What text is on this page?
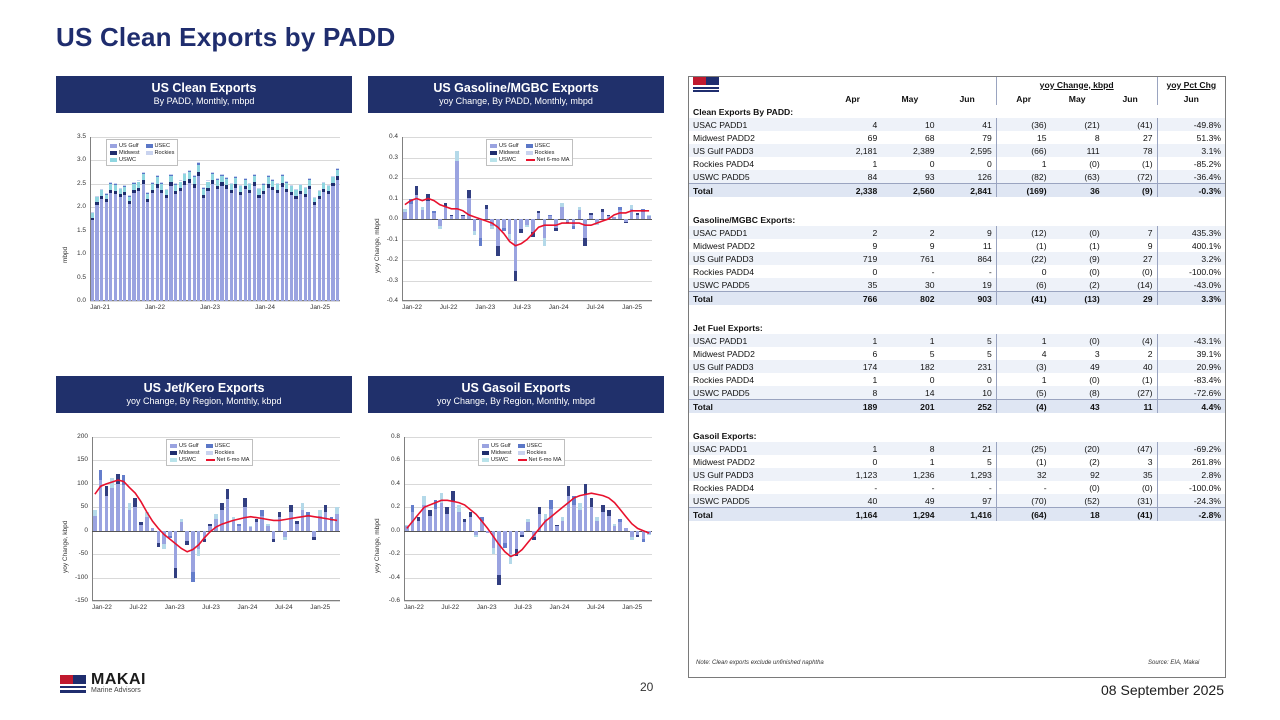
US Clean Exports by PADD
US Clean Exports
By PADD, Monthly, mbpd
mbpd
0.0
0.5
1.0
1.5
2.0
2.5
3.0
3.5
Jan-21	Jan-22	Jan-23	Jan-24	Jan-25
US Gulf	USEC
Midwest	Rockies
USWC
US Gasoline/MGBC Exports
yoy Change, By PADD, Monthly, mbpd
yoy Change, mbpd
-0.4
-0.3
-0.2
-0.1
0.0
0.1
0.2
0.3
0.4
Jan-22	Jul-22	Jan-23	Jul-23	Jan-24	Jul-24	Jan-25
US Gulf	USEC
Midwest	Rockies
USWC	Net 6-mo MA
US Jet/Kero Exports
yoy Change, By Region, Monthly, kbpd
yoy Change, kbpd
-150
-100
-50
0
50
100
150
200
Jan-22	Jul-22	Jan-23	Jul-23	Jan-24	Jul-24	Jan-25
US Gulf	USEC
Midwest	Rockies
USWC	Net 6-mo MA
US Gasoil Exports
yoy Change, By Region, Monthly, mbpd
yoy Change, mbpd
-0.6
-0.4
-0.2
0.0
0.2
0.4
0.6
0.8
Jan-22	Jul-22	Jan-23	Jul-23	Jan-24	Jul-24	Jan-25
US Gulf	USEC
Midwest	Rockies
USWC	Net 6-mo MA

				yoy Change, kbpd			yoy Pct Chg

	Apr	May	Jun	Apr	May	Jun	Jun
Clean Exports By PADD:							
USAC PADD1	4	10	41	(36)	(21)	(41)	-49.8%
Midwest PADD2	69	68	79	15	8	27	51.3%
US Gulf PADD3	2,181	2,389	2,595	(66)	111	78	3.1%
Rockies PADD4	1	0	0	1	(0)	(1)	-85.2%
USWC PADD5	84	93	126	(82)	(63)	(72)	-36.4%
Total	2,338	2,560	2,841	(169)	36	(9)	-0.3%

Gasoline/MGBC Exports:							
USAC PADD1	2	2	9	(12)	(0)	7	435.3%
Midwest PADD2	9	9	11	(1)	(1)	9	400.1%
US Gulf PADD3	719	761	864	(22)	(9)	27	3.2%
Rockies PADD4	0	-	-	0	(0)	(0)	-100.0%
USWC PADD5	35	30	19	(6)	(2)	(14)	-43.0%
Total	766	802	903	(41)	(13)	29	3.3%

Jet Fuel Exports:							
USAC PADD1	1	1	5	1	(0)	(4)	-43.1%
Midwest PADD2	6	5	5	4	3	2	39.1%
US Gulf PADD3	174	182	231	(3)	49	40	20.9%
Rockies PADD4	1	0	0	1	(0)	(1)	-83.4%
USWC PADD5	8	14	10	(5)	(8)	(27)	-72.6%
Total	189	201	252	(4)	43	11	4.4%

Gasoil Exports:							
USAC PADD1	1	8	21	(25)	(20)	(47)	-69.2%
Midwest PADD2	0	1	5	(1)	(2)	3	261.8%
US Gulf PADD3	1,123	1,236	1,293	32	92	35	2.8%
Rockies PADD4	-	-	-	-	(0)	(0)	-100.0%
USWC PADD5	40	49	97	(70)	(52)	(31)	-24.3%
Total	1,164	1,294	1,416	(64)	18	(41)	-2.8%
Note: Clean exports exclude unfinished naphtha	Source: EIA, Makai
MAKAI
Marine Advisors	20	08 September 2025
